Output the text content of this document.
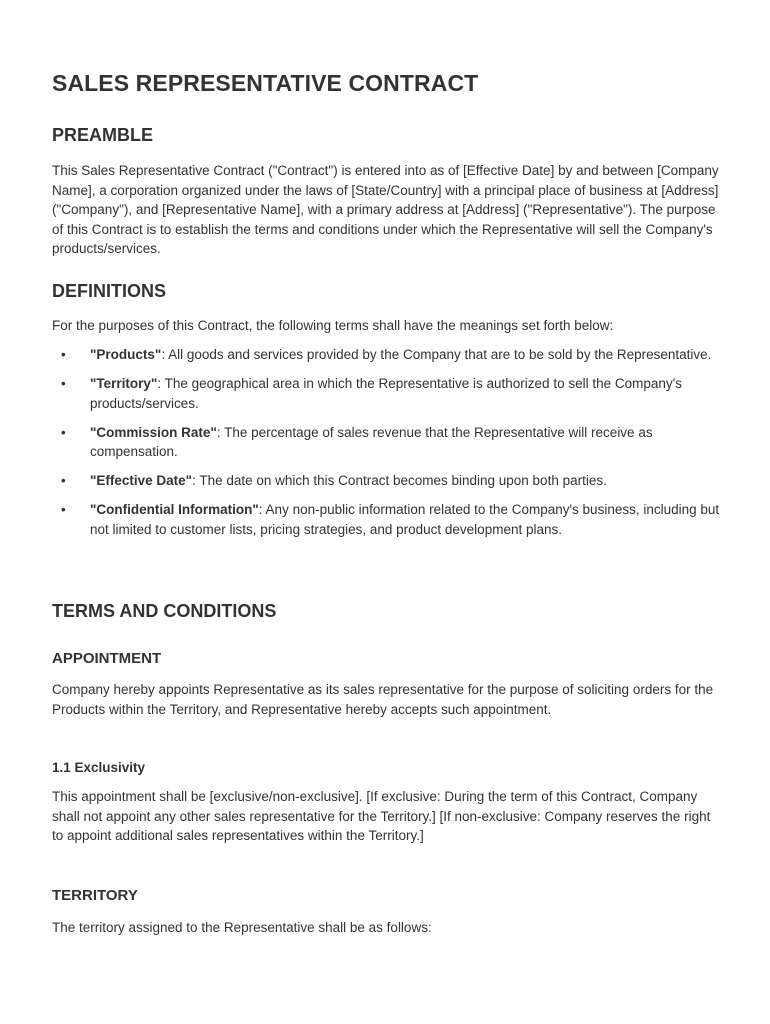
SALES REPRESENTATIVE CONTRACT
PREAMBLE

This Sales Representative Contract ("Contract") is entered into as of [Effective Date] by and between [Company Name], a corporation organized under the laws of [State/Country] with a principal place of business at [Address] ("Company"), and [Representative Name], with a primary address at [Address] ("Representative"). The purpose of this Contract is to establish the terms and conditions under which the Representative will sell the Company's products/services.

DEFINITIONS

For the purposes of this Contract, the following terms shall have the meanings set forth below:

• "Products": All goods and services provided by the Company that are to be sold by the Representative.
• "Territory": The geographical area in which the Representative is authorized to sell the Company's products/services.
• "Commission Rate": The percentage of sales revenue that the Representative will receive as compensation.
• "Effective Date": The date on which this Contract becomes binding upon both parties.
• "Confidential Information": Any non-public information related to the Company's business, including but not limited to customer lists, pricing strategies, and product development plans.
TERMS AND CONDITIONS
APPOINTMENT

Company hereby appoints Representative as its sales representative for the purpose of soliciting orders for the Products within the Territory, and Representative hereby accepts such appointment.

1.1 Exclusivity

This appointment shall be [exclusive/non-exclusive]. [If exclusive: During the term of this Contract, Company shall not appoint any other sales representative for the Territory.] [If non-exclusive: Company reserves the right to appoint additional sales representatives within the Territory.]

TERRITORY

The territory assigned to the Representative shall be as follows:
